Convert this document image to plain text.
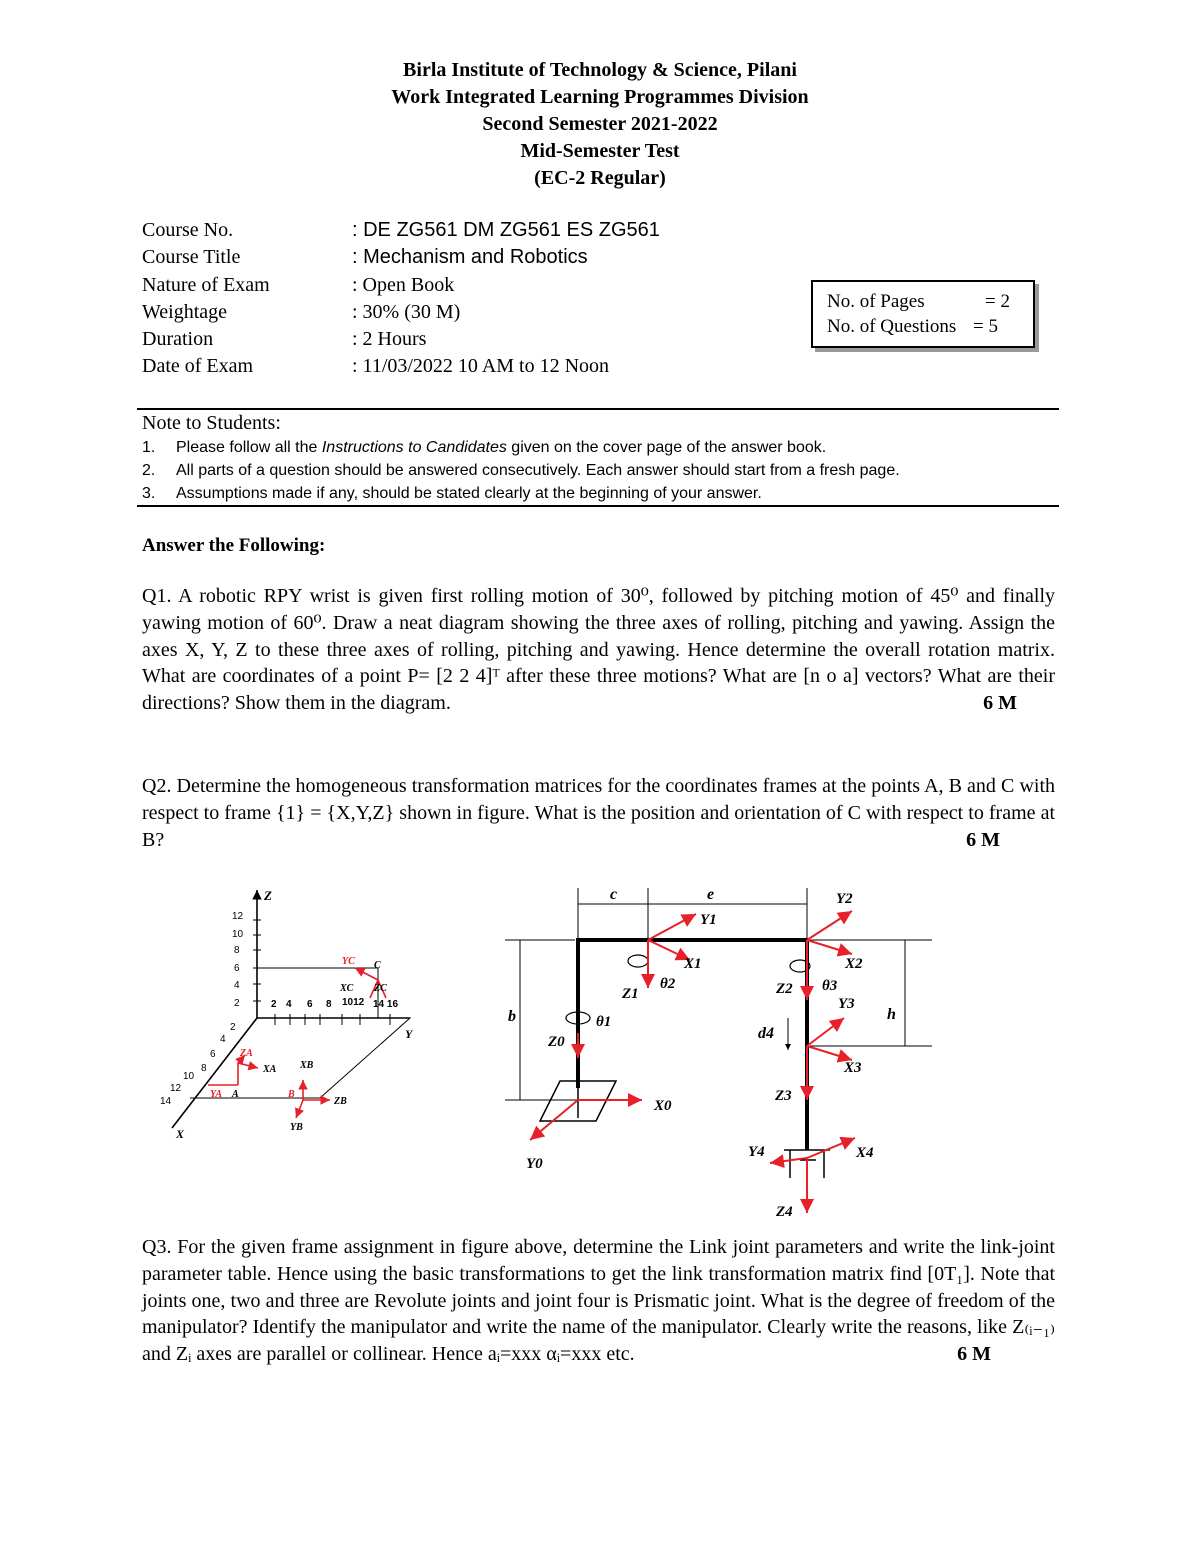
Birla Institute of Technology & Science, Pilani
Work Integrated Learning Programmes Division
Second Semester 2021-2022
Mid-Semester Test
(EC-2 Regular)
Course No.	: DE ZG561 DM ZG561 ES ZG561
Course Title	: Mechanism and Robotics
Nature of Exam	: Open Book
Weightage	: 30% (30 M)
Duration	: 2 Hours
Date of Exam	: 11/03/2022 10 AM to 12 Noon
No. of Pages	= 2
No. of Questions = 5
Note to Students:
1. Please follow all the Instructions to Candidates given on the cover page of the answer book.
2. All parts of a question should be answered consecutively. Each answer should start from a fresh page.
3. Assumptions made if any, should be stated clearly at the beginning of your answer.
Answer the Following:
Q1. A robotic RPY wrist is given first rolling motion of 30⁰, followed by pitching motion of 45⁰ and finally yawing motion of 60⁰. Draw a neat diagram showing the three axes of rolling, pitching and yawing. Assign the axes X, Y, Z to these three axes of rolling, pitching and yawing. Hence determine the overall rotation matrix. What are coordinates of a point P= [2 2 4]ᵀ after these three motions? What are [n o a] vectors? What are their directions? Show them in the diagram.	6 M
Q2. Determine the homogeneous transformation matrices for the coordinates frames at the points A, B and C with respect to frame {1} = {X,Y,Z} shown in figure. What is the position and orientation of C with respect to frame at B?	6 M
Z
Y
X
12
10
8
6
4
2	2 4 6 8 1012 14 16
2
4
6
8
10
12
14
YC C
XC ZC
ZA
XA
YA A
XB
B
ZB
YB
c	e
b	h
d4
Y1
X1
Z1
θ2
θ1
Z0
X0
Y0
Y2
X2
Z2 θ3
Y3
X3
Z3
Y4	X4
Z4
Q3. For the given frame assignment in figure above, determine the Link joint parameters and write the link-joint parameter table. Hence using the basic transformations to get the link transformation matrix find [0T₁]. Note that joints one, two and three are Revolute joints and joint four is Prismatic joint. What is the degree of freedom of the manipulator? Identify the manipulator and write the name of the manipulator. Clearly write the reasons, like Z₍ᵢ₋₁₎ and Zᵢ axes are parallel or collinear. Hence aᵢ=xxx αᵢ=xxx etc.	6 M
